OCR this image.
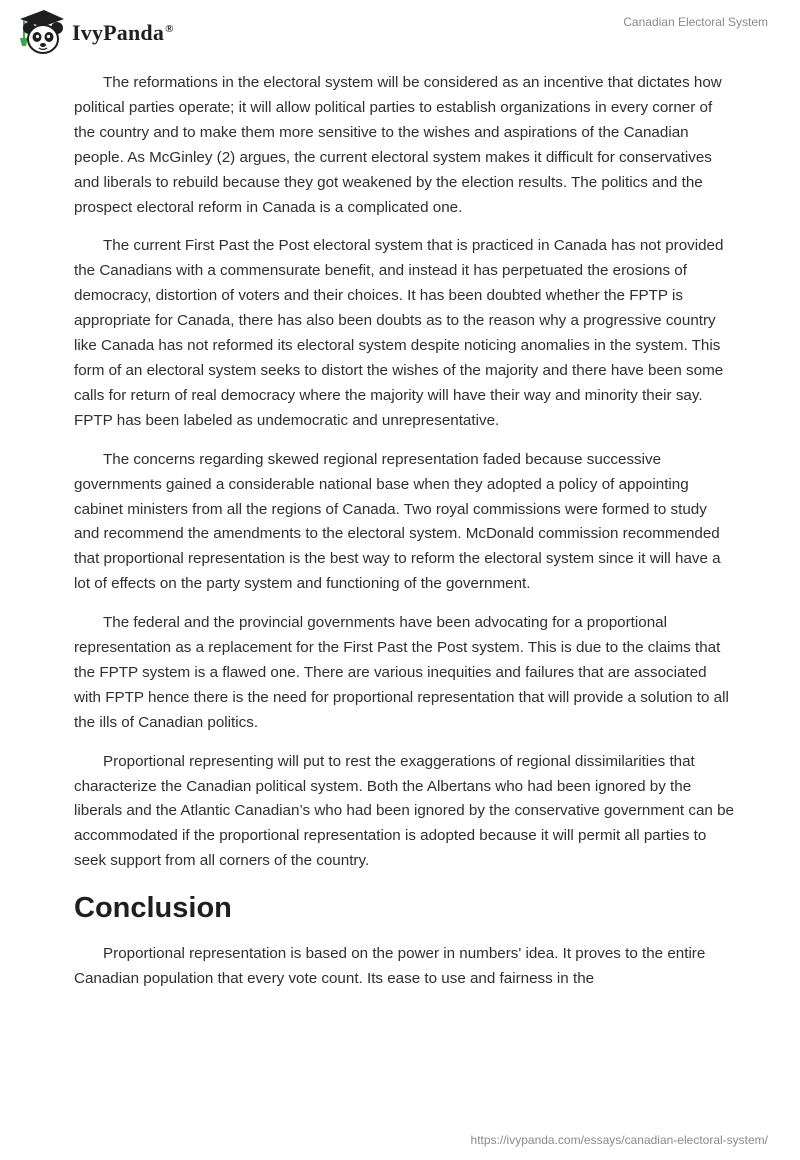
IvyPanda®	Canadian Electoral System

The reformations in the electoral system will be considered as an incentive that dictates how political parties operate; it will allow political parties to establish organizations in every corner of the country and to make them more sensitive to the wishes and aspirations of the Canadian people. As McGinley (2) argues, the current electoral system makes it difficult for conservatives and liberals to rebuild because they got weakened by the election results. The politics and the prospect electoral reform in Canada is a complicated one.

The current First Past the Post electoral system that is practiced in Canada has not provided the Canadians with a commensurate benefit, and instead it has perpetuated the erosions of democracy, distortion of voters and their choices. It has been doubted whether the FPTP is appropriate for Canada, there has also been doubts as to the reason why a progressive country like Canada has not reformed its electoral system despite noticing anomalies in the system. This form of an electoral system seeks to distort the wishes of the majority and there have been some calls for return of real democracy where the majority will have their way and minority their say. FPTP has been labeled as undemocratic and unrepresentative.

The concerns regarding skewed regional representation faded because successive governments gained a considerable national base when they adopted a policy of appointing cabinet ministers from all the regions of Canada. Two royal commissions were formed to study and recommend the amendments to the electoral system. McDonald commission recommended that proportional representation is the best way to reform the electoral system since it will have a lot of effects on the party system and functioning of the government.

The federal and the provincial governments have been advocating for a proportional representation as a replacement for the First Past the Post system. This is due to the claims that the FPTP system is a flawed one. There are various inequities and failures that are associated with FPTP hence there is the need for proportional representation that will provide a solution to all the ills of Canadian politics.

Proportional representing will put to rest the exaggerations of regional dissimilarities that characterize the Canadian political system. Both the Albertans who had been ignored by the liberals and the Atlantic Canadian’s who had been ignored by the conservative government can be accommodated if the proportional representation is adopted because it will permit all parties to seek support from all corners of the country.

Conclusion

Proportional representation is based on the power in numbers' idea. It proves to the entire Canadian population that every vote count. Its ease to use and fairness in the

https://ivypanda.com/essays/canadian-electoral-system/
